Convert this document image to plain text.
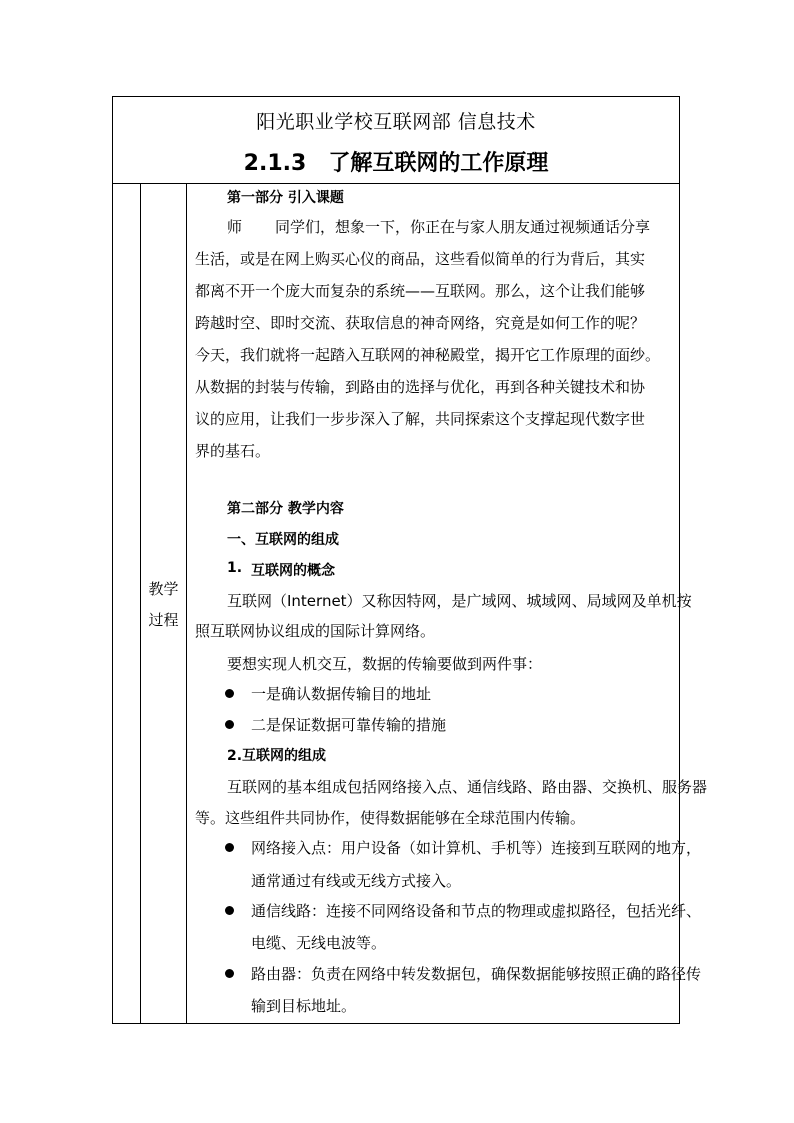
阳光职业学校互联网部 信息技术
2.1.3 了解互联网的工作原理
教学
过程
第一部分 引入课题
师 同学们，想象一下，你正在与家人朋友通过视频通话分享
生活，或是在网上购买心仪的商品，这些看似简单的行为背后，其实
都离不开一个庞大而复杂的系统——互联网。那么，这个让我们能够
跨越时空、即时交流、获取信息的神奇网络，究竟是如何工作的呢？
今天，我们就将一起踏入互联网的神秘殿堂，揭开它工作原理的面纱。
从数据的封装与传输，到路由的选择与优化，再到各种关键技术和协
议的应用，让我们一步步深入了解，共同探索这个支撑起现代数字世
界的基石。
第二部分 教学内容
一、互联网的组成
1. 互联网的概念
互联网（Internet）又称因特网，是广域网、城域网、局域网及单机按
照互联网协议组成的国际计算网络。
要想实现人机交互，数据的传输要做到两件事：
一是确认数据传输目的地址
二是保证数据可靠传输的措施
2.互联网的组成
互联网的基本组成包括网络接入点、通信线路、路由器、交换机、服务器
等。这些组件共同协作，使得数据能够在全球范围内传输。
网络接入点：用户设备（如计算机、手机等）连接到互联网的地方，
通常通过有线或无线方式接入。
通信线路：连接不同网络设备和节点的物理或虚拟路径，包括光纤、
电缆、无线电波等。
路由器：负责在网络中转发数据包，确保数据能够按照正确的路径传
输到目标地址。
